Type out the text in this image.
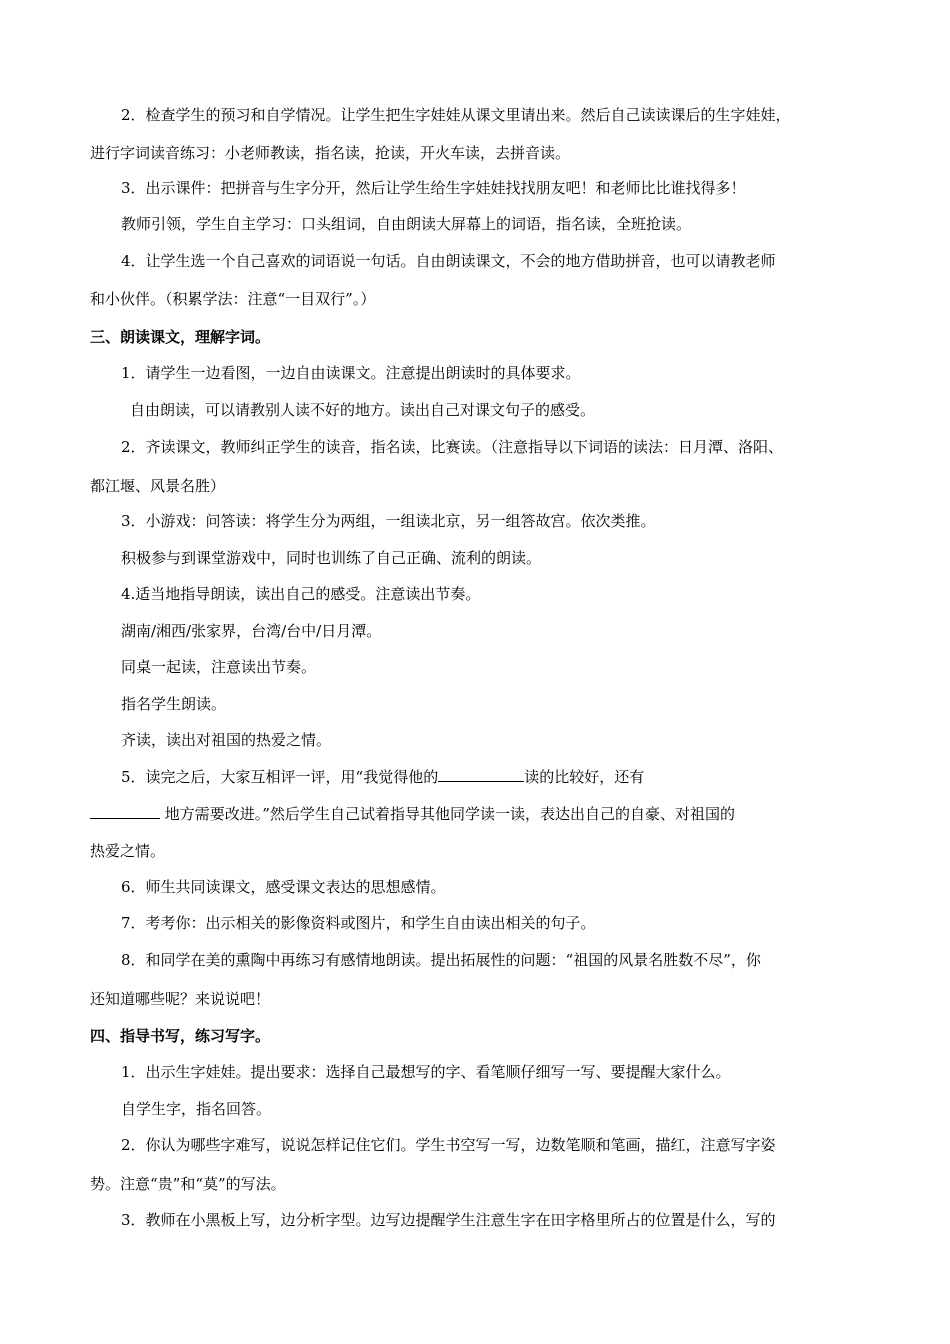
2．检查学生的预习和自学情况。让学生把生字娃娃从课文里请出来。然后自己读读课后的生字娃娃，
进行字词读音练习：小老师教读，指名读，抢读，开火车读，去拼音读。
3．出示课件：把拼音与生字分开，然后让学生给生字娃娃找找朋友吧！和老师比比谁找得多！
教师引领，学生自主学习：口头组词，自由朗读大屏幕上的词语，指名读，全班抢读。
4．让学生选一个自己喜欢的词语说一句话。自由朗读课文，不会的地方借助拼音，也可以请教老师
和小伙伴。（积累学法：注意“一目双行”。）
三、朗读课文，理解字词。
1．请学生一边看图，一边自由读课文。注意提出朗读时的具体要求。
自由朗读，可以请教别人读不好的地方。读出自己对课文句子的感受。
2．齐读课文，教师纠正学生的读音，指名读，比赛读。（注意指导以下词语的读法：日月潭、洛阳、
都江堰、风景名胜）
3．小游戏：问答读：将学生分为两组，一组读北京，另一组答故宫。依次类推。
积极参与到课堂游戏中，同时也训练了自己正确、流利的朗读。
4.适当地指导朗读，读出自己的感受。注意读出节奏。
湖南/湘西/张家界，台湾/台中/日月潭。
同桌一起读，注意读出节奏。
指名学生朗读。
齐读，读出对祖国的热爱之情。
5．读完之后，大家互相评一评，用“我觉得他的	读的比较好，还有
地方需要改进。”然后学生自己试着指导其他同学读一读，表达出自己的自豪、对祖国的
热爱之情。
6．师生共同读课文，感受课文表达的思想感情。
7．考考你：出示相关的影像资料或图片，和学生自由读出相关的句子。
8．和同学在美的熏陶中再练习有感情地朗读。提出拓展性的问题：“祖国的风景名胜数不尽”，你
还知道哪些呢？来说说吧！
四、指导书写，练习写字。
1．出示生字娃娃。提出要求：选择自己最想写的字、看笔顺仔细写一写、要提醒大家什么。
自学生字，指名回答。
2．你认为哪些字难写，说说怎样记住它们。学生书空写一写，边数笔顺和笔画，描红，注意写字姿
势。注意“贵”和“莫”的写法。
3．教师在小黑板上写，边分析字型。边写边提醒学生注意生字在田字格里所占的位置是什么，写的
